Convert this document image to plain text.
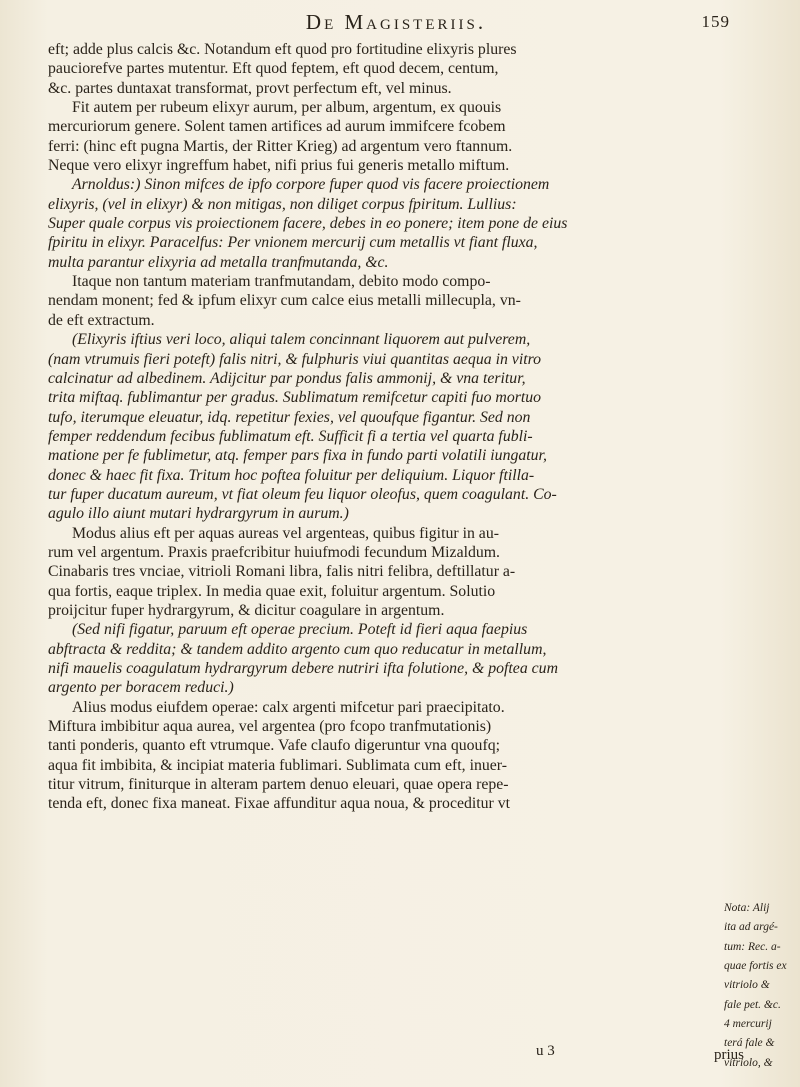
De Magisteriis.	159
eft; adde plus calcis &c. Notandum eft quod pro fortitudine elixyris plures
pauciorefve partes mutentur. Eft quod feptem, eft quod decem, centum,
&c. partes duntaxat transformat, provt perfectum eft, vel minus.
Fit autem per rubeum elixyr aurum, per album, argentum, ex quouis
mercuriorum genere. Solent tamen artifices ad aurum immifcere fcobem
ferri: (hinc eft pugna Martis, der Ritter Krieg) ad argentum vero ftannum.
Neque vero elixyr ingreffum habet, nifi prius fui generis metallo miftum.
Arnoldus:) Sinon mifces de ipfo corpore fuper quod vis facere proiectionem
elixyris, (vel in elixyr) & non mitigas, non diliget corpus fpiritum. Lullius:
Super quale corpus vis proiectionem facere, debes in eo ponere; item pone de eius
fpiritu in elixyr. Paracelfus: Per vnionem mercurij cum metallis vt fiant fluxa,
multa parantur elixyria ad metalla tranfmutanda, &c.
Itaque non tantum materiam tranfmutandam, debito modo compo-
nendam monent; fed & ipfum elixyr cum calce eius metalli millecupla, vn-
de eft extractum.
(Elixyris iftius veri loco, aliqui talem concinnant liquorem aut pulverem,
(nam vtrumuis fieri poteft) falis nitri, & fulphuris viui quantitas aequa in vitro
calcinatur ad albedinem. Adijcitur par pondus falis ammonij, & vna teritur,
trita miftaq. fublimantur per gradus. Sublimatum remifcetur capiti fuo mortuo
tufo, iterumque eleuatur, idq. repetitur fexies, vel quoufque figantur. Sed non
femper reddendum fecibus fublimatum eft. Sufficit fi a tertia vel quarta fubli-
matione per fe fublimetur, atq. femper pars fixa in fundo parti volatili iungatur,
donec & haec fit fixa. Tritum hoc poftea foluitur per deliquium. Liquor ftilla-
tur fuper ducatum aureum, vt fiat oleum feu liquor oleofus, quem coagulant. Co-
agulo illo aiunt mutari hydrargyrum in aurum.)
Modus alius eft per aquas aureas vel argenteas, quibus figitur in au-
rum vel argentum. Praxis praefcribitur huiufmodi fecundum Mizaldum.
Cinabaris tres vnciae, vitrioli Romani libra, falis nitri felibra, deftillatur a-
qua fortis, eaque triplex. In media quae exit, foluitur argentum. Solutio
proijcitur fuper hydrargyrum, & dicitur coagulare in argentum.
(Sed nifi figatur, paruum eft operae precium. Poteft id fieri aqua faepius
abftracta & reddita; & tandem addito argento cum quo reducatur in metallum,
nifi mauelis coagulatum hydrargyrum debere nutriri ifta folutione, & poftea cum
argento per boracem reduci.)
Alius modus eiufdem operae: calx argenti mifcetur pari praecipitato.
Miftura imbibitur aqua aurea, vel argentea (pro fcopo tranfmutationis)
tanti ponderis, quanto eft vtrumque. Vafe claufo digeruntur vna quoufq;
aqua fit imbibita, & incipiat materia fublimari. Sublimata cum eft, inuer-
titur vitrum, finiturque in alteram partem denuo eleuari, quae opera repe-
tenda eft, donec fixa maneat. Fixae affunditur aqua noua, & proceditur vt
Nota: Alij
ita ad argé-
tum: Rec. a-
quae fortis ex
vitriolo &
fale pet. &c.
4 mercurij
terá fale &
vitriolo, &
u 3	prius
